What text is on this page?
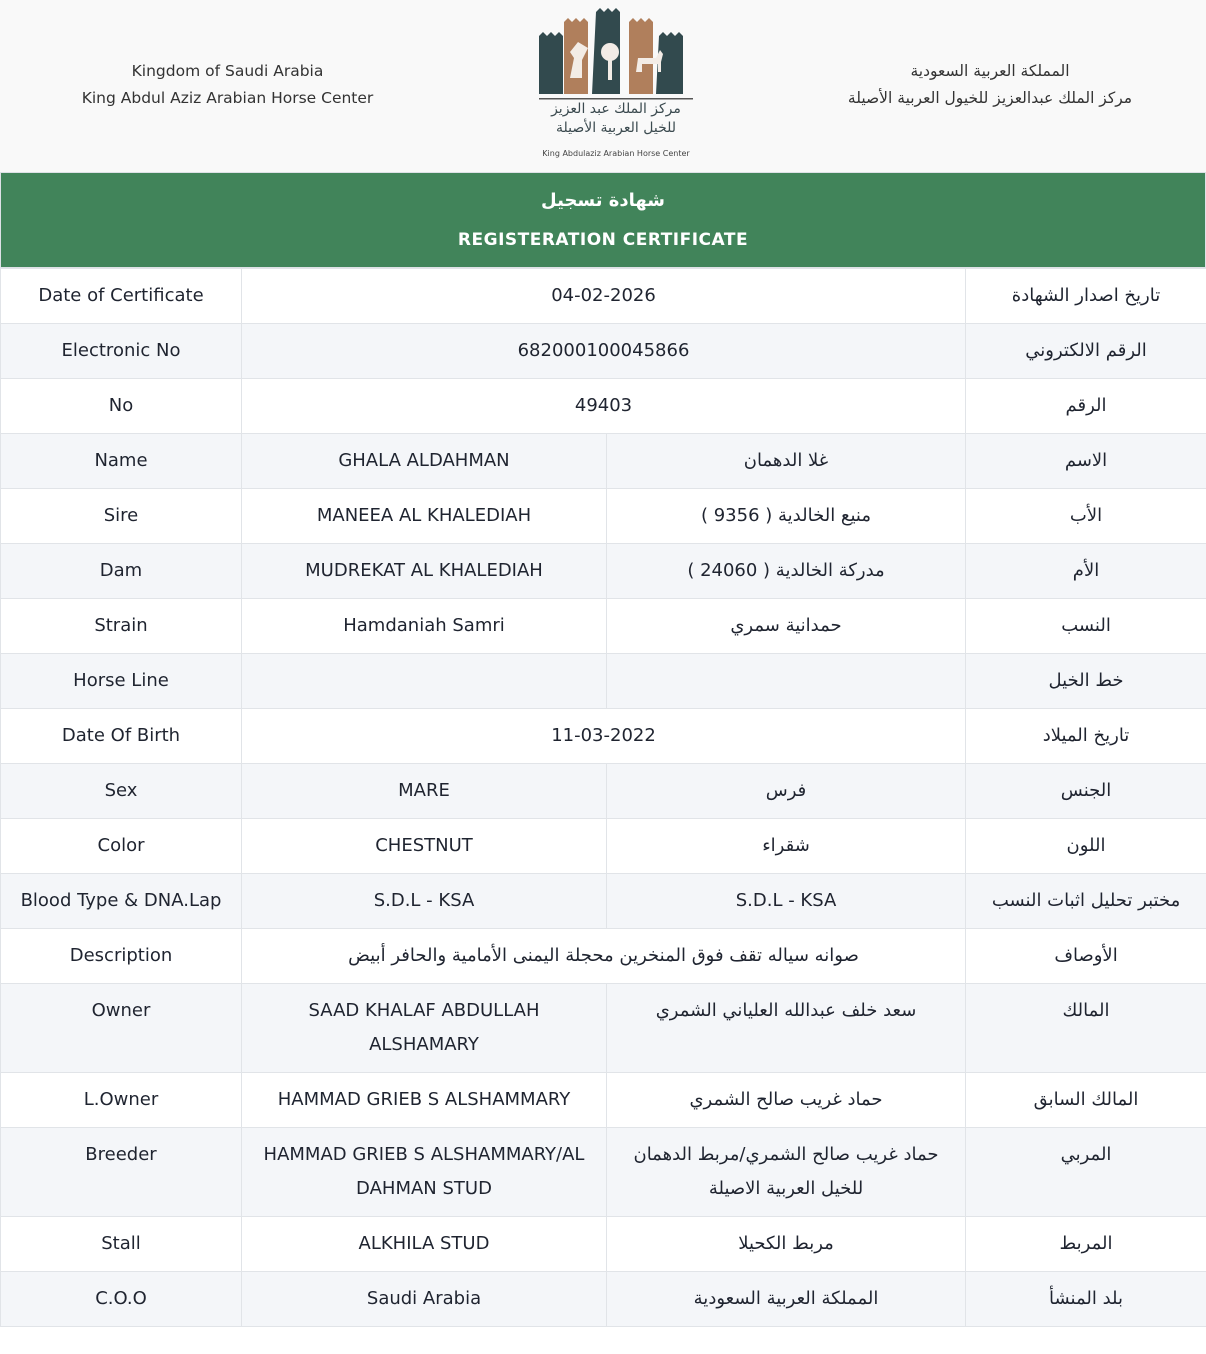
Kingdom of Saudi Arabia
King Abdul Aziz Arabian Horse Center
مركز الملك عبد العزيز
للخيل العربية الأصيلة
King Abdulaziz Arabian Horse Center
المملكة العربية السعودية
مركز الملك عبدالعزيز للخيول العربية الأصيلة
شهادة تسجيل
REGISTERATION CERTIFICATE
Date of Certificate	04-02-2026		تاريخ اصدار الشهادة
Electronic No	682000100045866		الرقم الالكتروني
No	49403		الرقم
Name	GHALA ALDAHMAN	غلا الدهمان	الاسم
Sire	MANEEA AL KHALEDIAH	منيع الخالدية ( 9356 )	الأب
Dam	MUDREKAT AL KHALEDIAH	مدركة الخالدية ( 24060 )	الأم
Strain	Hamdaniah Samri	حمدانية سمري	النسب
Horse Line			خط الخيل
Date Of Birth	11-03-2022		تاريخ الميلاد
Sex	MARE	فرس	الجنس
Color	CHESTNUT	شقراء	اللون
Blood Type & DNA.Lap	S.D.L - KSA	S.D.L - KSA	مختبر تحليل اثبات النسب
Description	صوانه سياله تقف فوق المنخرين محجلة اليمنى الأمامية والحافر أبيض		الأوصاف
Owner	SAAD KHALAF ABDULLAH ALSHAMARY	سعد خلف عبدالله العلياني الشمري	المالك
L.Owner	HAMMAD GRIEB S ALSHAMMARY	حماد غريب صالح الشمري	المالك السابق
Breeder	HAMMAD GRIEB S ALSHAMMARY/AL DAHMAN STUD	حماد غريب صالح الشمري/مربط الدهمان للخيل العربية الاصيلة	المربي
Stall	ALKHILA STUD	مربط الكحيلا	المربط
C.O.O	Saudi Arabia	المملكة العربية السعودية	بلد المنشأ
